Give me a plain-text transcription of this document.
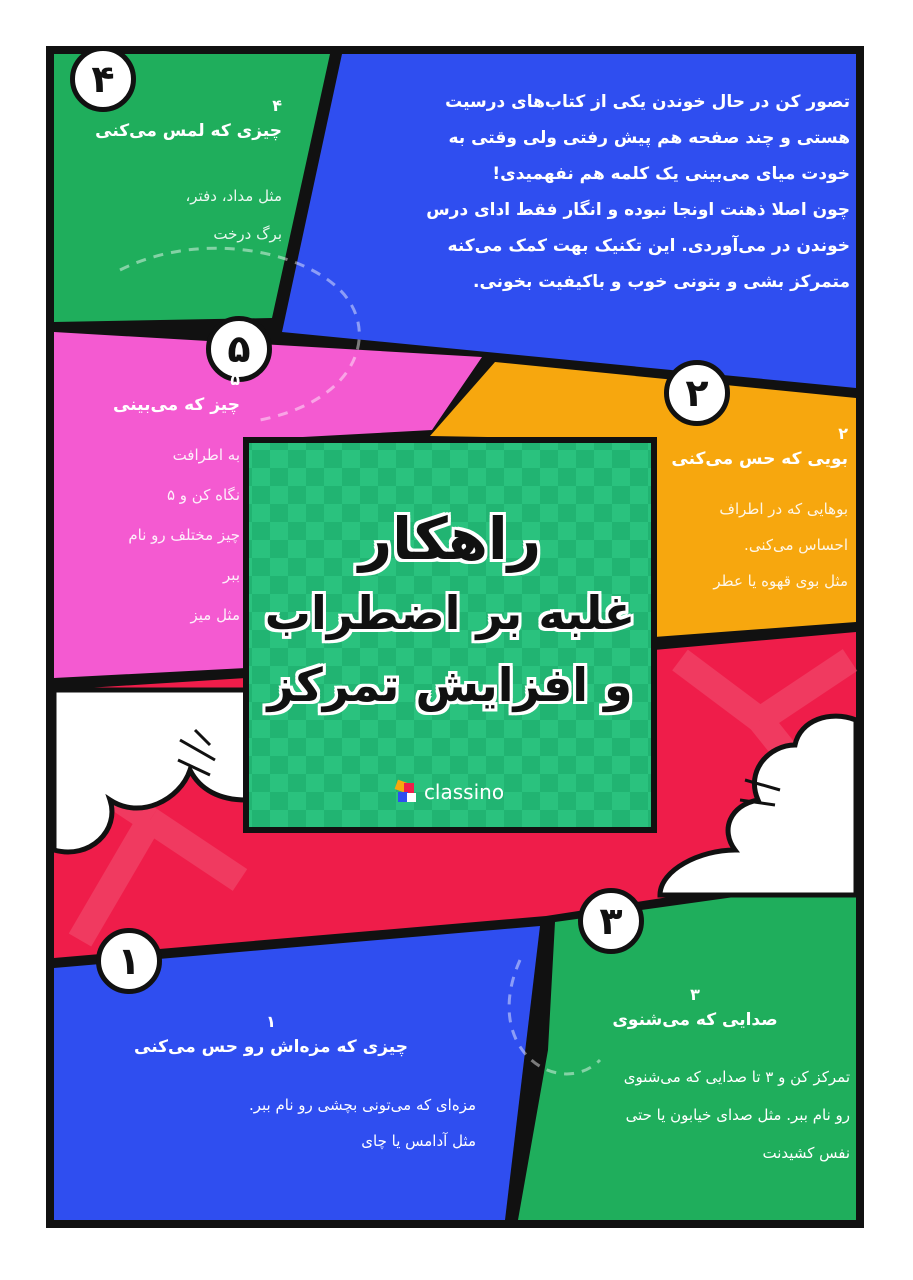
۴
۵
۲
۳
۱
تصور کن در حال خوندن یکی از کتاب‌های درسیت
هستی و چند صفحه هم پیش رفتی ولی وقتی به
خودت میای می‌بینی یک کلمه هم نفهمیدی!
چون اصلا ذهنت اونجا نبوده و انگار فقط ادای درس
خوندن در می‌آوردی. این تکنیک بهت کمک می‌کنه
متمرکز بشی و بتونی خوب و باکیفیت بخونی.
۴
چیزی که لمس می‌کنی
مثل مداد، دفتر،
برگ درخت
۵
چیز که می‌بینی
به اطرافت
نگاه کن و ۵
چیز مختلف رو نام
ببر
مثل میز
۲
بویی که حس می‌کنی
بوهایی که در اطراف
احساس می‌کنی.
مثل بوی قهوه یا عطر
۳
صدایی که می‌شنوی
تمرکز کن و ۳ تا صدایی که می‌شنوی
رو نام ببر. مثل صدای خیابون یا حتی
نفس کشیدنت
۱
چیزی که مزه‌اش رو حس می‌کنی
مزه‌ای که می‌تونی بچشی رو نام ببر.
مثل آدامس یا چای
راهکار
غلبه بر اضطراب
و افزایش تمرکز
classino
